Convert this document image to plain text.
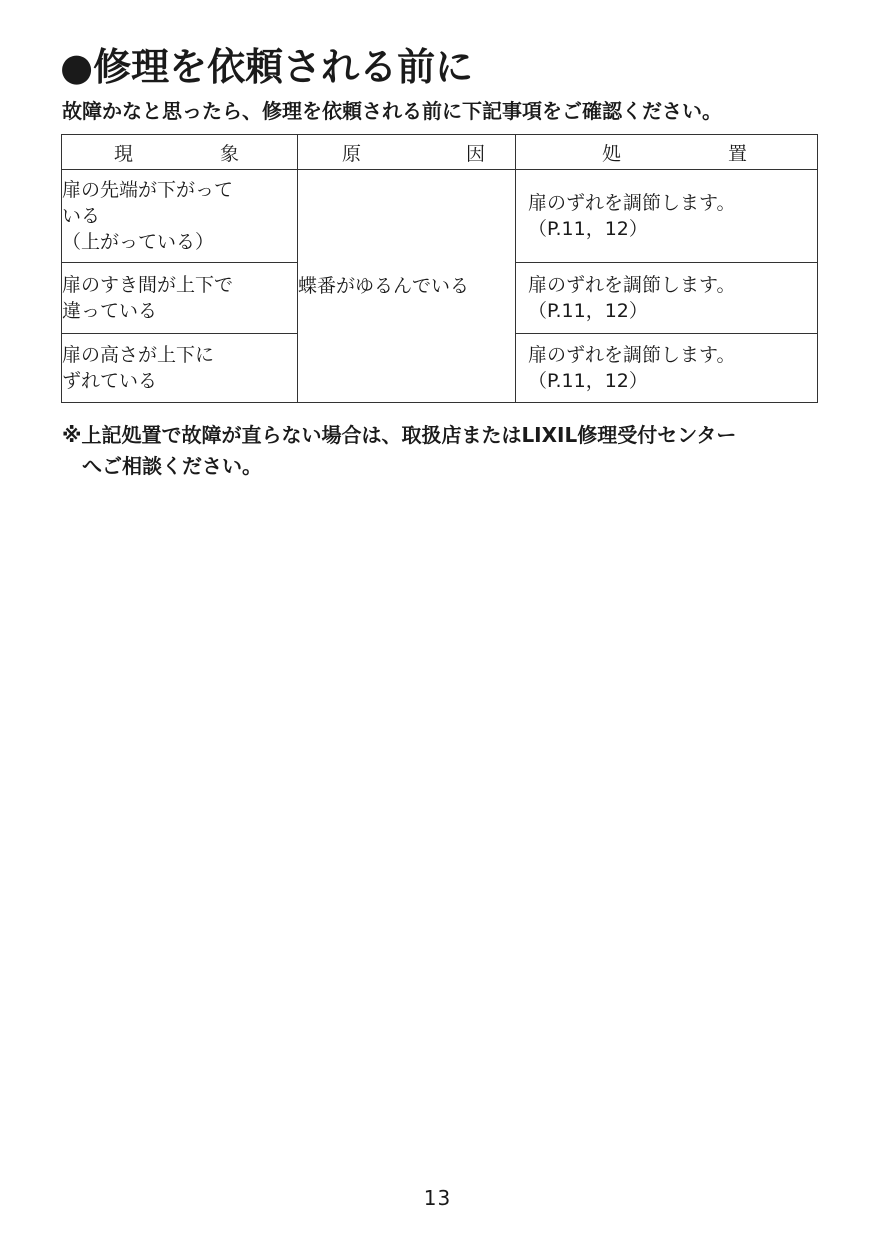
●修理を依頼される前に
故障かなと思ったら、修理を依頼される前に下記事項をご確認ください。
現 象	原 因	処 置

扉の先端が下がって
いる
（上がっている）	蝶番がゆるんでいる	扉のずれを調節します。
（P.11，12）

扉のすき間が上下で
違っている		扉のずれを調節します。
（P.11，12）

扉の高さが上下に
ずれている		扉のずれを調節します。
（P.11，12）
※上記処置で故障が直らない場合は、取扱店またはLIXIL修理受付センター
へご相談ください。
13
